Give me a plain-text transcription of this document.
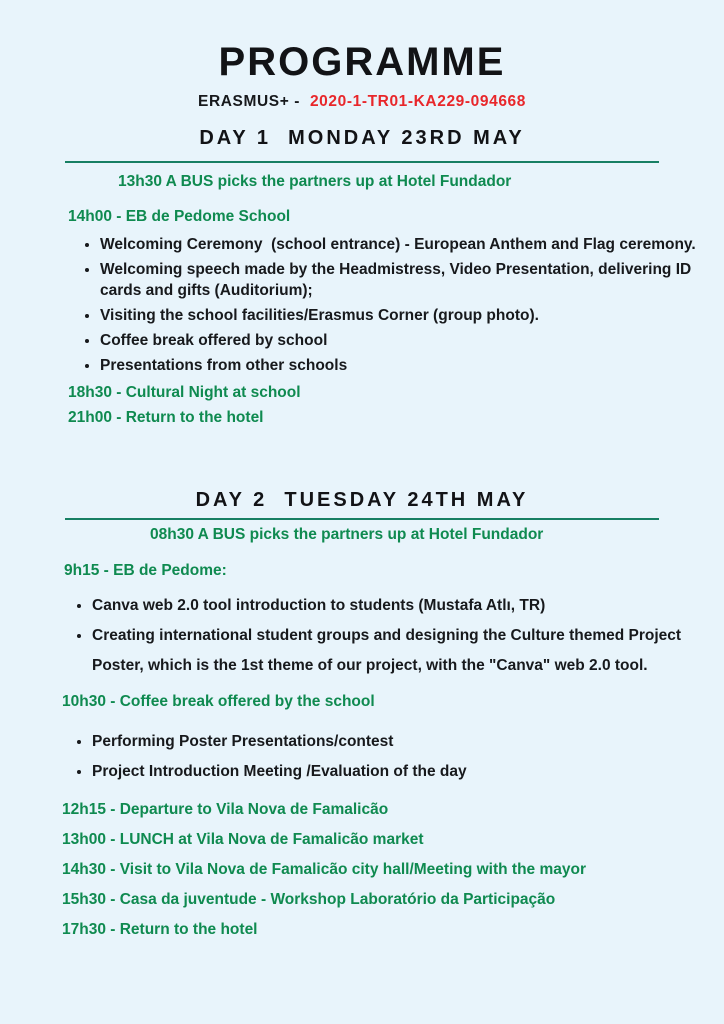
PROGRAMME
ERASMUS+ - 2020-1-TR01-KA229-094668
DAY 1  MONDAY 23RD MAY
13h30 A BUS picks the partners up at Hotel Fundador
14h00 - EB de Pedome School
• Welcoming Ceremony  (school entrance) - European Anthem and Flag ceremony.
• Welcoming speech made by the Headmistress, Video Presentation, delivering ID cards and gifts (Auditorium);
• Visiting the school facilities/Erasmus Corner (group photo).
• Coffee break offered by school
• Presentations from other schools
18h30 - Cultural Night at school
21h00 - Return to the hotel
DAY 2  TUESDAY 24TH MAY
08h30 A BUS picks the partners up at Hotel Fundador
9h15 - EB de Pedome:
• Canva web 2.0 tool introduction to students (Mustafa Atlı, TR)
• Creating international student groups and designing the Culture themed Project Poster, which is the 1st theme of our project, with the "Canva" web 2.0 tool.
10h30 - Coffee break offered by the school
• Performing Poster Presentations/contest
• Project Introduction Meeting /Evaluation of the day
12h15 - Departure to Vila Nova de Famalicão
13h00 - LUNCH at Vila Nova de Famalicão market
14h30 - Visit to Vila Nova de Famalicão city hall/Meeting with the mayor
15h30 - Casa da juventude - Workshop Laboratório da Participação
17h30 - Return to the hotel
